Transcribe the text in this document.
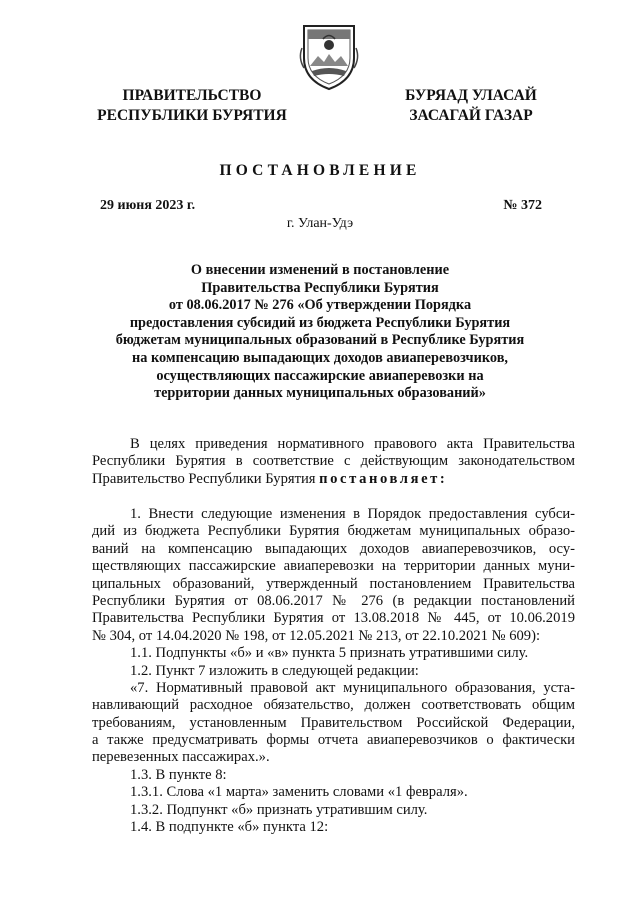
ПРАВИТЕЛЬСТВО
РЕСПУБЛИКИ БУРЯТИЯ
БУРЯАД УЛАСАЙ
ЗАСАГАЙ ГАЗАР
ПОСТАНОВЛЕНИЕ
29 июня 2023 г.	№ 372
г. Улан-Удэ
О внесении изменений в постановление
Правительства Республики Бурятия
от 08.06.2017 № 276 «Об утверждении Порядка
предоставления субсидий из бюджета Республики Бурятия
бюджетам муниципальных образований в Республике Бурятия
на компенсацию выпадающих доходов авиаперевозчиков,
осуществляющих пассажирские авиаперевозки на
территории данных муниципальных образований»
В целях приведения нормативного правового акта Правительства
Республики Бурятия в соответствие с действующим законодательством
Правительство Республики Бурятия постановляет:
1. Внести следующие изменения в Порядок предоставления субси-
дий из бюджета Республики Бурятия бюджетам муниципальных образо-
ваний на компенсацию выпадающих доходов авиаперевозчиков, осу-
ществляющих пассажирские авиаперевозки на территории данных муни-
ципальных образований, утвержденный постановлением Правительства
Республики Бурятия от 08.06.2017 № 276 (в редакции постановлений
Правительства Республики Бурятия от 13.08.2018 № 445, от 10.06.2019
№ 304, от 14.04.2020 № 198, от 12.05.2021 № 213, от 22.10.2021 № 609):
1.1. Подпункты «б» и «в» пункта 5 признать утратившими силу.
1.2. Пункт 7 изложить в следующей редакции:
«7. Нормативный правовой акт муниципального образования, уста-
навливающий расходное обязательство, должен соответствовать общим
требованиям, установленным Правительством Российской Федерации,
а также предусматривать формы отчета авиаперевозчиков о фактически
перевезенных пассажирах.».
1.3. В пункте 8:
1.3.1. Слова «1 марта» заменить словами «1 февраля».
1.3.2. Подпункт «б» признать утратившим силу.
1.4. В подпункте «б» пункта 12:
